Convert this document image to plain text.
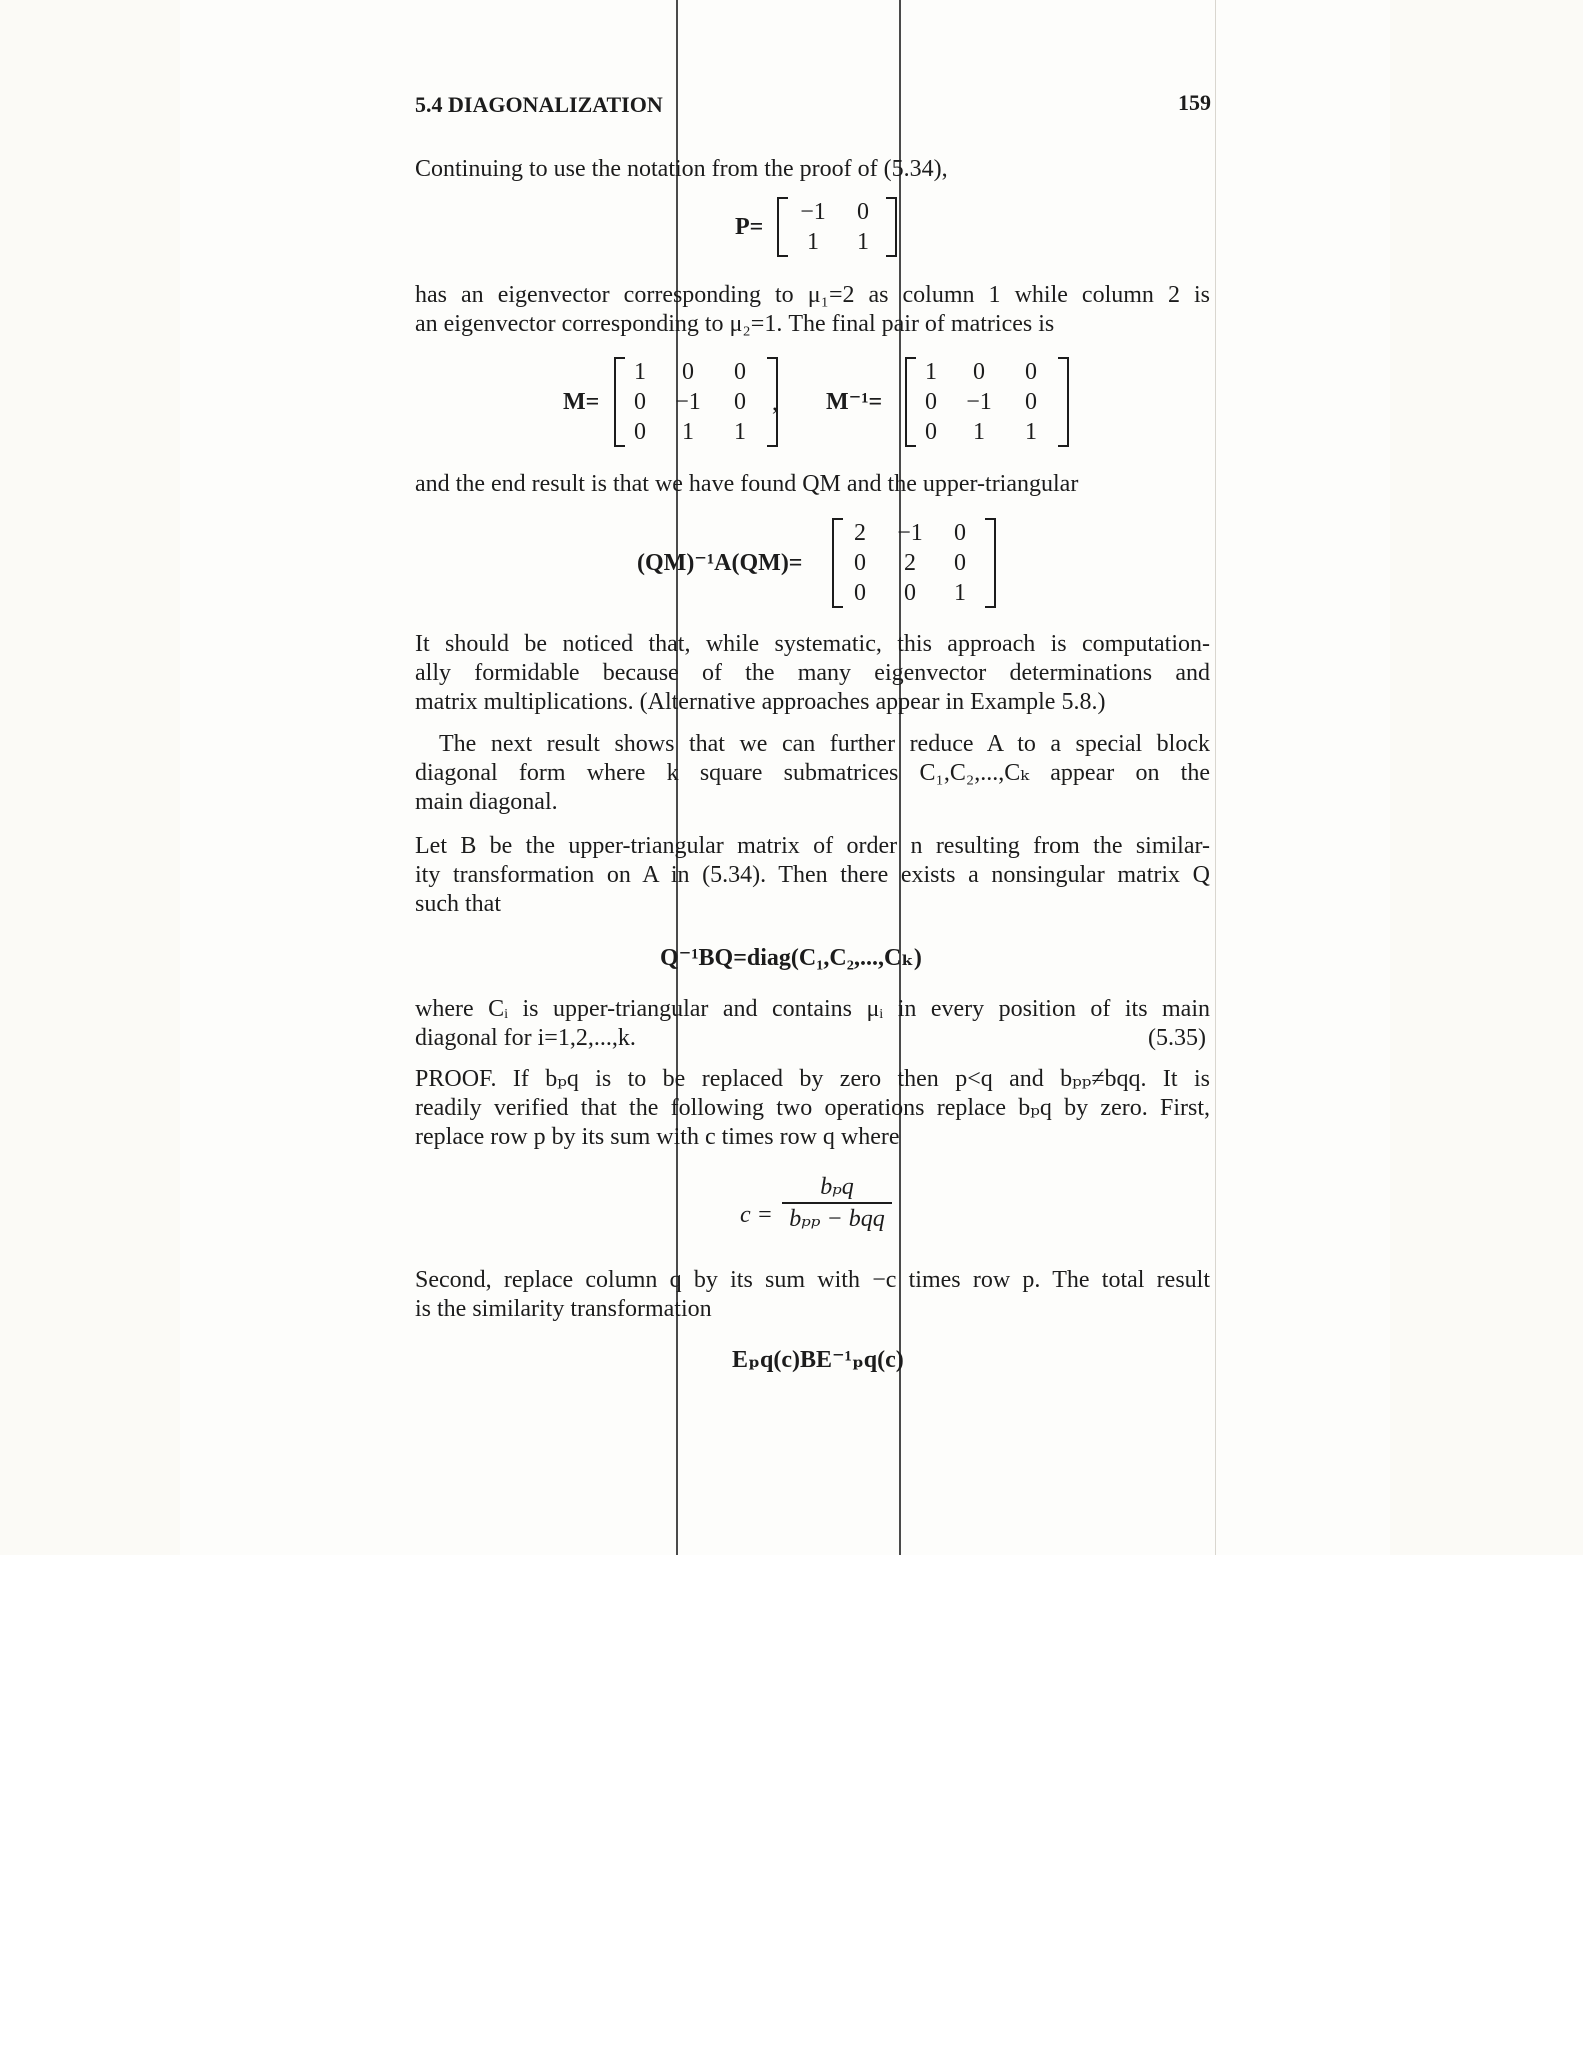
5.4 DIAGONALIZATION	159
Continuing to use the notation from the proof of (5.34),
P=
−1	0
1	1
has an eigenvector corresponding to μ₁=2 as column 1 while column 2 is
an eigenvector corresponding to μ₂=1. The final pair of matrices is
M=
1	0	0
0	−1	0
0	1	1
, M⁻¹=
1	0	0
0	−1	0
0	1	1
and the end result is that we have found QM and the upper-triangular
(QM)⁻¹A(QM)=
2	−1	0
0	2	0
0	0	1
It should be noticed that, while systematic, this approach is computation-
ally formidable because of the many eigenvector determinations and
matrix multiplications. (Alternative approaches appear in Example 5.8.)
The next result shows that we can further reduce A to a special block
diagonal form where k square submatrices C₁,C₂,...,Cₖ appear on the
main diagonal.
Let B be the upper-triangular matrix of order n resulting from the similar-
ity transformation on A in (5.34). Then there exists a nonsingular matrix Q
such that
Q⁻¹BQ=diag(C₁,C₂,...,Cₖ)
where Cᵢ is upper-triangular and contains μᵢ in every position of its main
diagonal for i=1,2,...,k.	(5.35)
PROOF. If bₚq is to be replaced by zero then p<q and bₚₚ≠bqq. It is
readily verified that the following two operations replace bₚq by zero. First,
replace row p by its sum with c times row q where
c =
bₚq
bₚₚ − bqq
Second, replace column q by its sum with −c times row p. The total result
is the similarity transformation
Eₚq(c)BE⁻¹ₚq(c)
